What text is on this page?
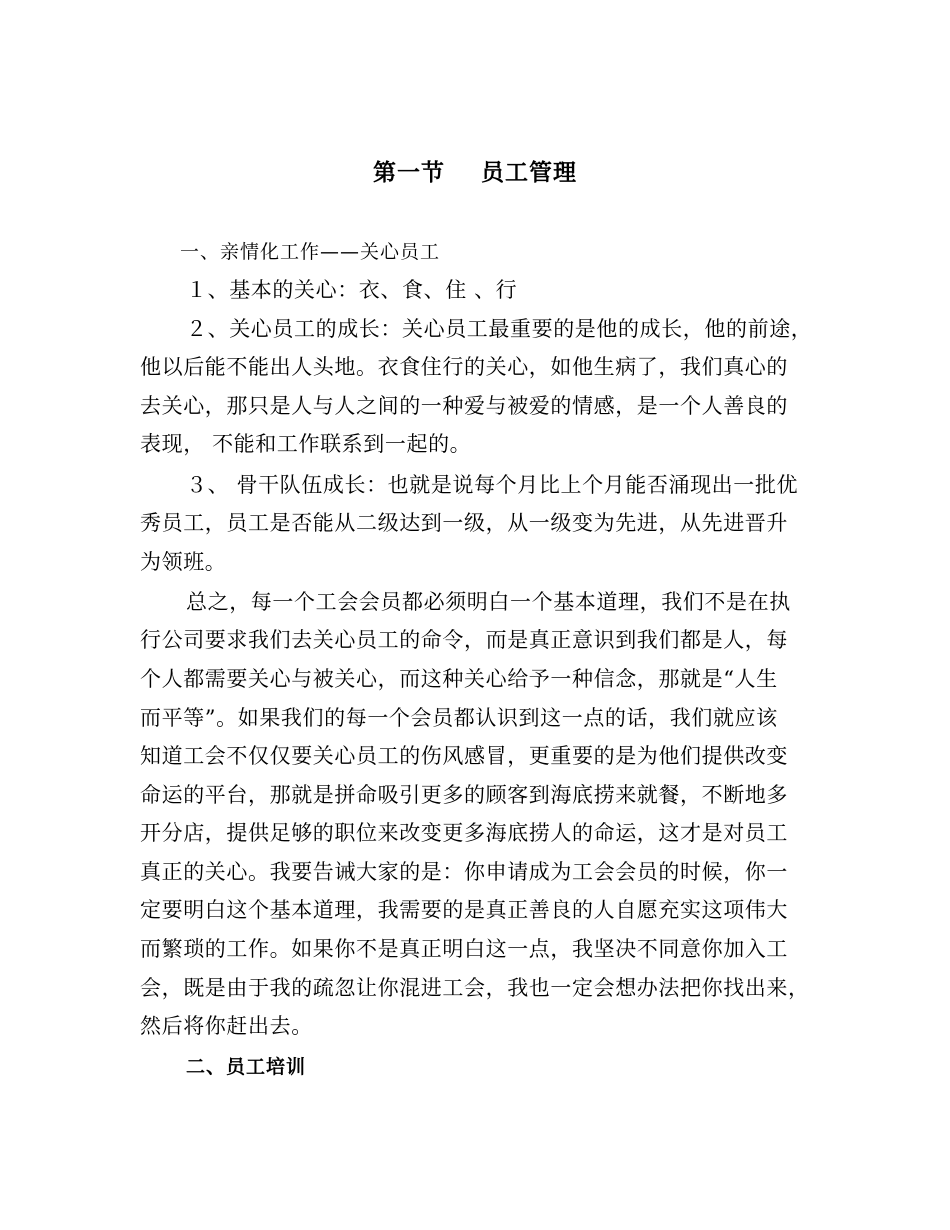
第一节    员工管理
一、亲情化工作——关心员工
１、基本的关心：衣、食、住 、行
２、关心员工的成长：关心员工最重要的是他的成长，他的前途，
他以后能不能出人头地。衣食住行的关心，如他生病了，我们真心的
去关心，那只是人与人之间的一种爱与被爱的情感，是一个人善良的
表现， 不能和工作联系到一起的。
３、 骨干队伍成长：也就是说每个月比上个月能否涌现出一批优
秀员工，员工是否能从二级达到一级，从一级变为先进，从先进晋升
为领班。
总之，每一个工会会员都必须明白一个基本道理，我们不是在执
行公司要求我们去关心员工的命令，而是真正意识到我们都是人，每
个人都需要关心与被关心，而这种关心给予一种信念，那就是“人生
而平等”。如果我们的每一个会员都认识到这一点的话，我们就应该
知道工会不仅仅要关心员工的伤风感冒，更重要的是为他们提供改变
命运的平台，那就是拼命吸引更多的顾客到海底捞来就餐，不断地多
开分店，提供足够的职位来改变更多海底捞人的命运，这才是对员工
真正的关心。我要告诫大家的是：你申请成为工会会员的时候，你一
定要明白这个基本道理，我需要的是真正善良的人自愿充实这项伟大
而繁琐的工作。如果你不是真正明白这一点，我坚决不同意你加入工
会，既是由于我的疏忽让你混进工会，我也一定会想办法把你找出来，
然后将你赶出去。
二、员工培训
